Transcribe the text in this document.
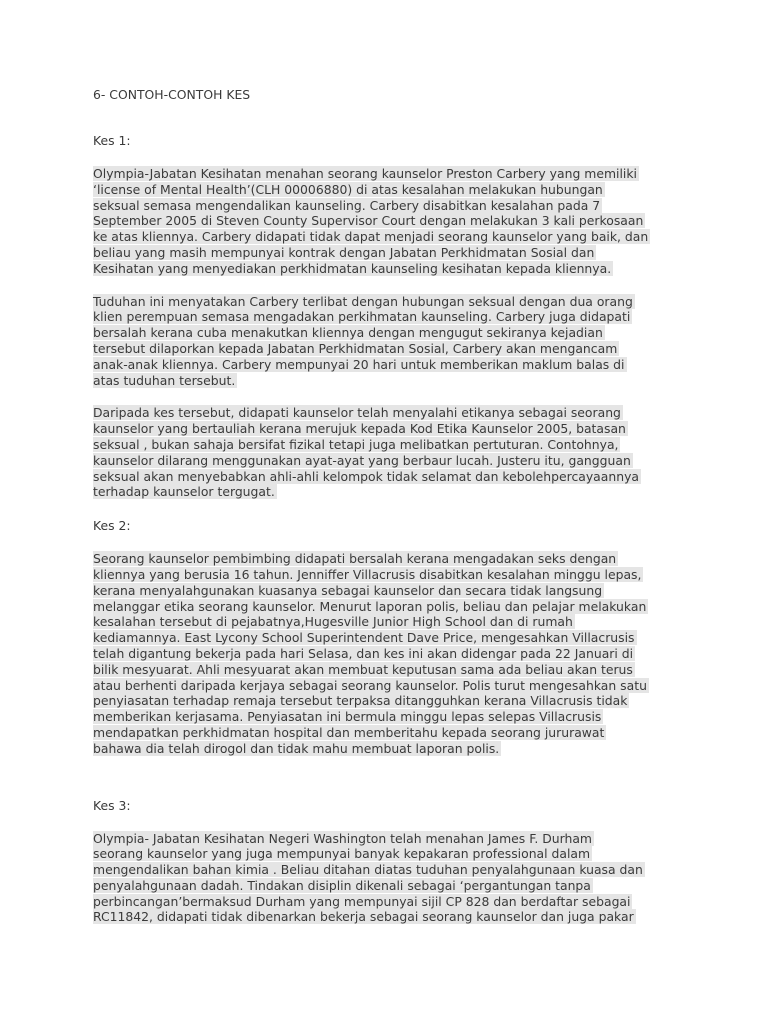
6- CONTOH-CONTOH KES
Kes 1:

Olympia-Jabatan Kesihatan menahan seorang kaunselor Preston Carbery yang memiliki
‘license of Mental Health’(CLH 00006880) di atas kesalahan melakukan hubungan
seksual semasa mengendalikan kaunseling. Carbery disabitkan kesalahan pada 7
September 2005 di Steven County Supervisor Court dengan melakukan 3 kali perkosaan
ke atas kliennya. Carbery didapati tidak dapat menjadi seorang kaunselor yang baik, dan
beliau yang masih mempunyai kontrak dengan Jabatan Perkhidmatan Sosial dan
Kesihatan yang menyediakan perkhidmatan kaunseling kesihatan kepada kliennya.

Tuduhan ini menyatakan Carbery terlibat dengan hubungan seksual dengan dua orang
klien perempuan semasa mengadakan perkihmatan kaunseling. Carbery juga didapati
bersalah kerana cuba menakutkan kliennya dengan mengugut sekiranya kejadian
tersebut dilaporkan kepada Jabatan Perkhidmatan Sosial, Carbery akan mengancam
anak-anak kliennya. Carbery mempunyai 20 hari untuk memberikan maklum balas di
atas tuduhan tersebut.

Daripada kes tersebut, didapati kaunselor telah menyalahi etikanya sebagai seorang
kaunselor yang bertauliah kerana merujuk kepada Kod Etika Kaunselor 2005, batasan
seksual , bukan sahaja bersifat fizikal tetapi juga melibatkan pertuturan. Contohnya,
kaunselor dilarang menggunakan ayat-ayat yang berbaur lucah. Justeru itu, gangguan
seksual akan menyebabkan ahli-ahli kelompok tidak selamat dan kebolehpercayaannya
terhadap kaunselor tergugat.

Kes 2:

Seorang kaunselor pembimbing didapati bersalah kerana mengadakan seks dengan
kliennya yang berusia 16 tahun. Jenniffer Villacrusis disabitkan kesalahan minggu lepas,
kerana menyalahgunakan kuasanya sebagai kaunselor dan secara tidak langsung
melanggar etika seorang kaunselor. Menurut laporan polis, beliau dan pelajar melakukan
kesalahan tersebut di pejabatnya,Hugesville Junior High School dan di rumah
kediamannya. East Lycony School Superintendent Dave Price, mengesahkan Villacrusis
telah digantung bekerja pada hari Selasa, dan kes ini akan didengar pada 22 Januari di
bilik mesyuarat. Ahli mesyuarat akan membuat keputusan sama ada beliau akan terus
atau berhenti daripada kerjaya sebagai seorang kaunselor. Polis turut mengesahkan satu
penyiasatan terhadap remaja tersebut terpaksa ditangguhkan kerana Villacrusis tidak
memberikan kerjasama. Penyiasatan ini bermula minggu lepas selepas Villacrusis
mendapatkan perkhidmatan hospital dan memberitahu kepada seorang jururawat
bahawa dia telah dirogol dan tidak mahu membuat laporan polis.

Kes 3:

Olympia- Jabatan Kesihatan Negeri Washington telah menahan James F. Durham
seorang kaunselor yang juga mempunyai banyak kepakaran professional dalam
mengendalikan bahan kimia . Beliau ditahan diatas tuduhan penyalahgunaan kuasa dan
penyalahgunaan dadah. Tindakan disiplin dikenali sebagai ‘pergantungan tanpa
perbincangan’bermaksud Durham yang mempunyai sijil CP 828 dan berdaftar sebagai
RC11842, didapati tidak dibenarkan bekerja sebagai seorang kaunselor dan juga pakar
